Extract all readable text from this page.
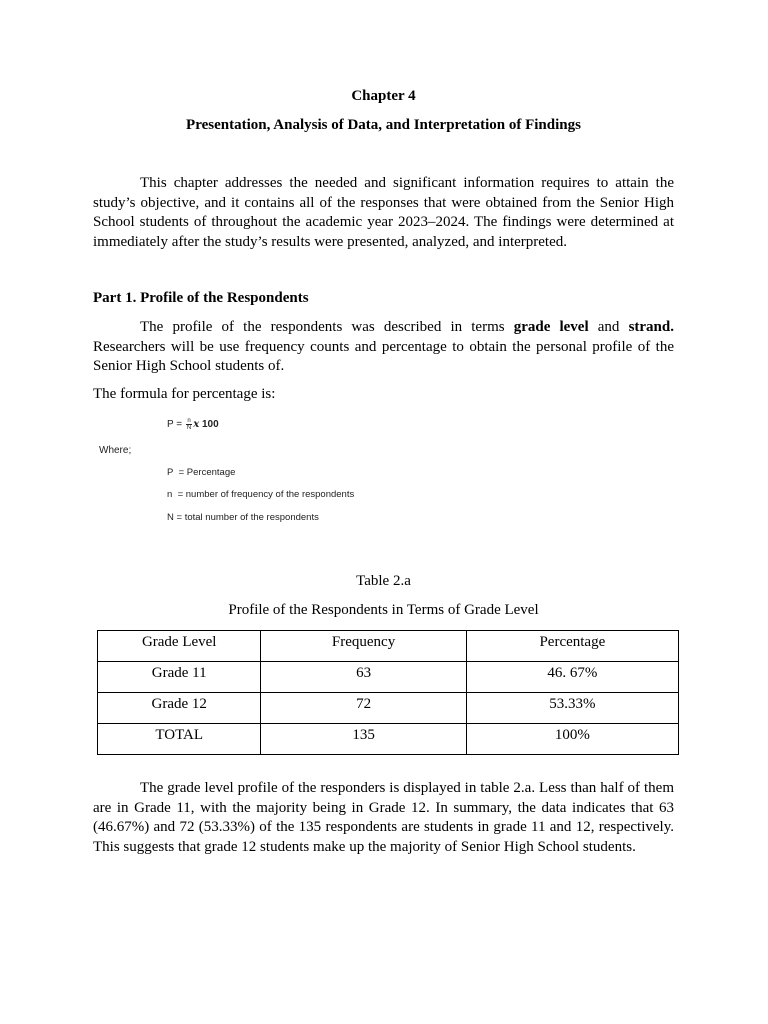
Chapter 4
Presentation, Analysis of Data, and Interpretation of Findings

This chapter addresses the needed and significant information requires to attain the study’s objective, and it contains all of the responses that were obtained from the Senior High School students of throughout the academic year 2023–2024. The findings were determined at immediately after the study’s results were presented, analyzed, and interpreted.

Part 1. Profile of the Respondents

The profile of the respondents was described in terms grade level and strand. Researchers will be use frequency counts and percentage to obtain the personal profile of the Senior High School students of.

The formula for percentage is:
$P = \frac{n}{N}$ x 100
Where;
P = Percentage
n = number of frequency of the respondents
N = total number of the respondents
Table 2.a
Profile of the Respondents in Terms of Grade Level
Grade Level	Frequency	Percentage
Grade 11	63	46. 67%
Grade 12	72	53.33%
TOTAL	135	100%

The grade level profile of the responders is displayed in table 2.a. Less than half of them are in Grade 11, with the majority being in Grade 12. In summary, the data indicates that 63 (46.67%) and 72 (53.33%) of the 135 respondents are students in grade 11 and 12, respectively. This suggests that grade 12 students make up the majority of Senior High School students.
